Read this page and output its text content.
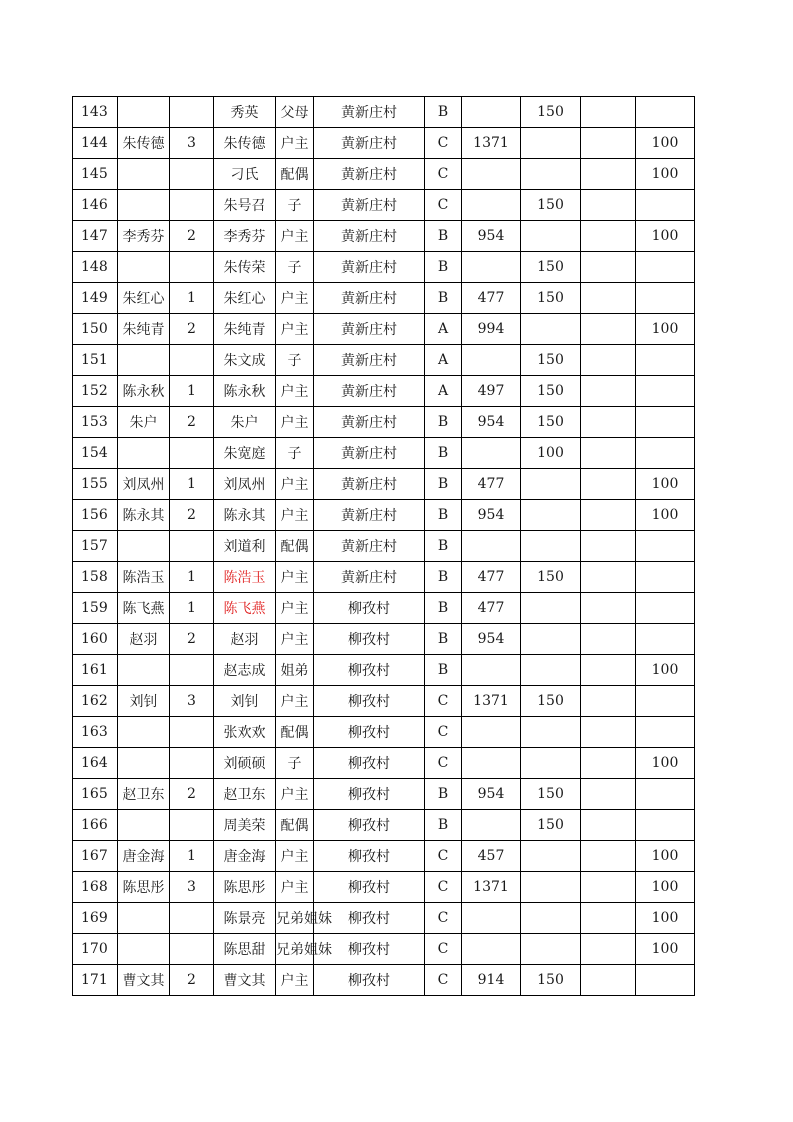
143			秀英	父母	黄新庄村	B		150		
144	朱传德	3	朱传德	户主	黄新庄村	C	1371			100
145			刁氏	配偶	黄新庄村	C				100
146			朱号召	子	黄新庄村	C		150		
147	李秀芬	2	李秀芬	户主	黄新庄村	B	954			100
148			朱传荣	子	黄新庄村	B		150		
149	朱红心	1	朱红心	户主	黄新庄村	B	477	150		
150	朱纯青	2	朱纯青	户主	黄新庄村	A	994			100
151			朱文成	子	黄新庄村	A		150		
152	陈永秋	1	陈永秋	户主	黄新庄村	A	497	150		
153	朱户	2	朱户	户主	黄新庄村	B	954	150		
154			朱宽庭	子	黄新庄村	B		100		
155	刘凤州	1	刘凤州	户主	黄新庄村	B	477			100
156	陈永其	2	陈永其	户主	黄新庄村	B	954			100
157			刘道利	配偶	黄新庄村	B				
158	陈浩玉	1	陈浩玉	户主	黄新庄村	B	477	150		
159	陈飞燕	1	陈飞燕	户主	柳孜村	B	477			
160	赵羽	2	赵羽	户主	柳孜村	B	954			
161			赵志成	姐弟	柳孜村	B				100
162	刘钊	3	刘钊	户主	柳孜村	C	1371	150		
163			张欢欢	配偶	柳孜村	C				
164			刘硕硕	子	柳孜村	C				100
165	赵卫东	2	赵卫东	户主	柳孜村	B	954	150		
166			周美荣	配偶	柳孜村	B		150		
167	唐金海	1	唐金海	户主	柳孜村	C	457			100
168	陈思彤	3	陈思彤	户主	柳孜村	C	1371			100
169			陈景亮	兄弟姐妹	柳孜村	C				100
170			陈思甜	兄弟姐妹	柳孜村	C				100
171	曹文其	2	曹文其	户主	柳孜村	C	914	150		
